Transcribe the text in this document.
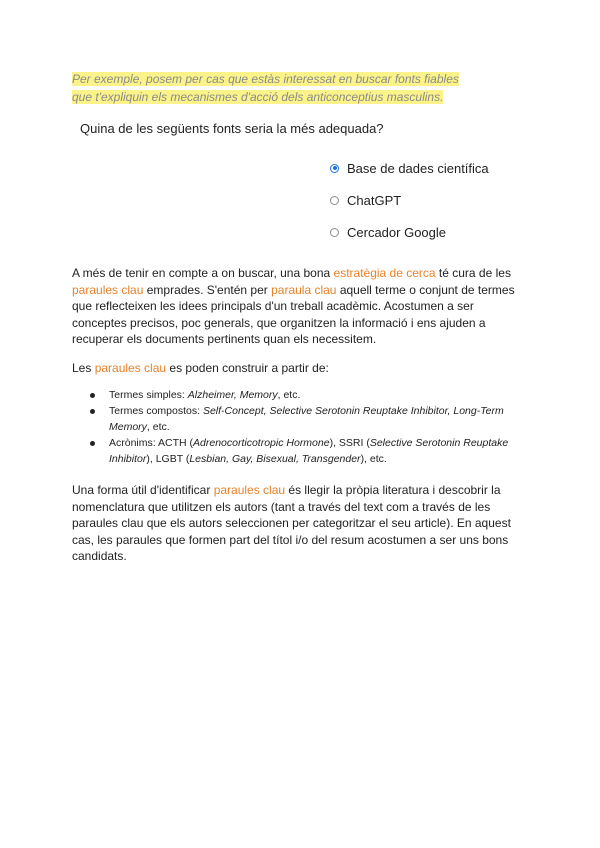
Per exemple, posem per cas que estàs interessat en buscar fonts fiables que t'expliquin els mecanismes d'acció dels anticonceptius masculins.
Quina de les següents fonts seria la més adequada?
Base de dades científica
ChatGPT
Cercador Google
A més de tenir en compte a on buscar, una bona estratègia de cerca té cura de les paraules clau emprades. S'entén per paraula clau aquell terme o conjunt de termes que reflecteixen les idees principals d'un treball acadèmic. Acostumen a ser conceptes precisos, poc generals, que organitzen la informació i ens ajuden a recuperar els documents pertinents quan els necessitem.
Les paraules clau es poden construir a partir de:
Termes simples: Alzheimer, Memory, etc.
Termes compostos: Self-Concept, Selective Serotonin Reuptake Inhibitor, Long-Term Memory, etc.
Acrònims: ACTH (Adrenocorticotropic Hormone), SSRI (Selective Serotonin Reuptake Inhibitor), LGBT (Lesbian, Gay, Bisexual, Transgender), etc.
Una forma útil d'identificar paraules clau és llegir la pròpia literatura i descobrir la nomenclatura que utilitzen els autors (tant a través del text com a través de les paraules clau que els autors seleccionen per categoritzar el seu article). En aquest cas, les paraules que formen part del títol i/o del resum acostumen a ser uns bons candidats.
